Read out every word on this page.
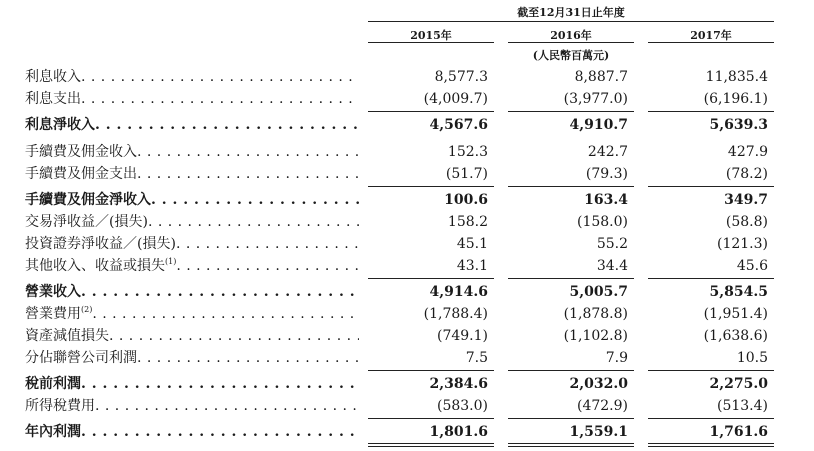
截至12月31日止年度
2015年	2016年	2017年
(人民幣百萬元)
利息收入 . . .	8,577.3	8,887.7	11,835.4
利息支出 . . .	(4,009.7)	(3,977.0)	(6,196.1)
利息淨收入 . . .	4,567.6	4,910.7	5,639.3
手續費及佣金收入 . . .	152.3	242.7	427.9
手續費及佣金支出 . . .	(51.7)	(79.3)	(78.2)
手續費及佣金淨收入 . . .	100.6	163.4	349.7
交易淨收益／(損失) . . .	158.2	(158.0)	(58.8)
投資證券淨收益／(損失) . . .	45.1	55.2	(121.3)
其他收入、收益或損失$^{(1)}$ . . .	43.1	34.4	45.6
營業收入 . . .	4,914.6	5,005.7	5,854.5
營業費用$^{(2)}$ . . .	(1,788.4)	(1,878.8)	(1,951.4)
資產減值損失 . . .	(749.1)	(1,102.8)	(1,638.6)
分佔聯營公司利潤 . . .	7.5	7.9	10.5
稅前利潤 . . .	2,384.6	2,032.0	2,275.0
所得稅費用 . . .	(583.0)	(472.9)	(513.4)
年內利潤 . . .	1,801.6	1,559.1	1,761.6
